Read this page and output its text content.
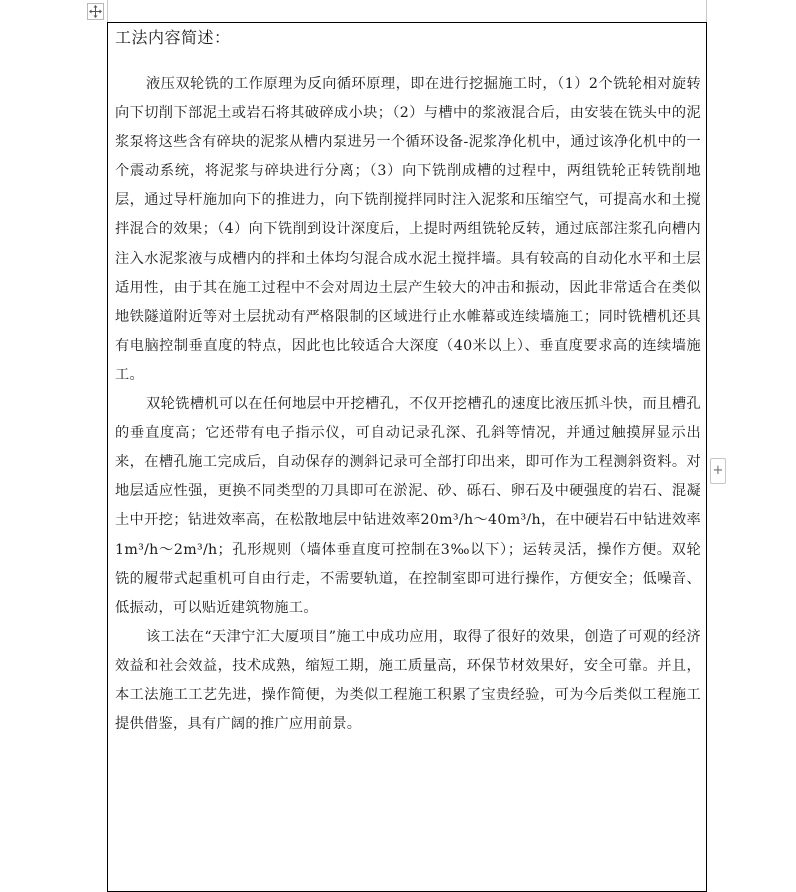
+
工法内容简述：

液压双轮铣的工作原理为反向循环原理，即在进行挖掘施工时，（1）2个铣轮相对旋转向下切削下部泥土或岩石将其破碎成小块；（2）与槽中的浆液混合后，由安装在铣头中的泥浆泵将这些含有碎块的泥浆从槽内泵进另一个循环设备-泥浆净化机中，通过该净化机中的一个震动系统，将泥浆与碎块进行分离；（3）向下铣削成槽的过程中，两组铣轮正转铣削地层，通过导杆施加向下的推进力，向下铣削搅拌同时注入泥浆和压缩空气，可提高水和土搅拌混合的效果；（4）向下铣削到设计深度后，上提时两组铣轮反转，通过底部注浆孔向槽内注入水泥浆液与成槽内的拌和土体均匀混合成水泥土搅拌墙。具有较高的自动化水平和土层适用性，由于其在施工过程中不会对周边土层产生较大的冲击和振动，因此非常适合在类似地铁隧道附近等对土层扰动有严格限制的区域进行止水帷幕或连续墙施工；同时铣槽机还具有电脑控制垂直度的特点，因此也比较适合大深度（40米以上）、垂直度要求高的连续墙施工。

双轮铣槽机可以在任何地层中开挖槽孔，不仅开挖槽孔的速度比液压抓斗快，而且槽孔的垂直度高；它还带有电子指示仪，可自动记录孔深、孔斜等情况，并通过触摸屏显示出来，在槽孔施工完成后，自动保存的测斜记录可全部打印出来，即可作为工程测斜资料。对地层适应性强，更换不同类型的刀具即可在淤泥、砂、砾石、卵石及中硬强度的岩石、混凝土中开挖；钻进效率高，在松散地层中钻进效率20m³/h～40m³/h，在中硬岩石中钻进效率1m³/h～2m³/h；孔形规则（墙体垂直度可控制在3‰以下）；运转灵活，操作方便。双轮铣的履带式起重机可自由行走，不需要轨道，在控制室即可进行操作，方便安全；低噪音、低振动，可以贴近建筑物施工。

该工法在“天津宁汇大厦项目”施工中成功应用，取得了很好的效果，创造了可观的经济效益和社会效益，技术成熟，缩短工期，施工质量高，环保节材效果好，安全可靠。并且，本工法施工工艺先进，操作简便，为类似工程施工积累了宝贵经验，可为今后类似工程施工提供借鉴，具有广阔的推广应用前景。
